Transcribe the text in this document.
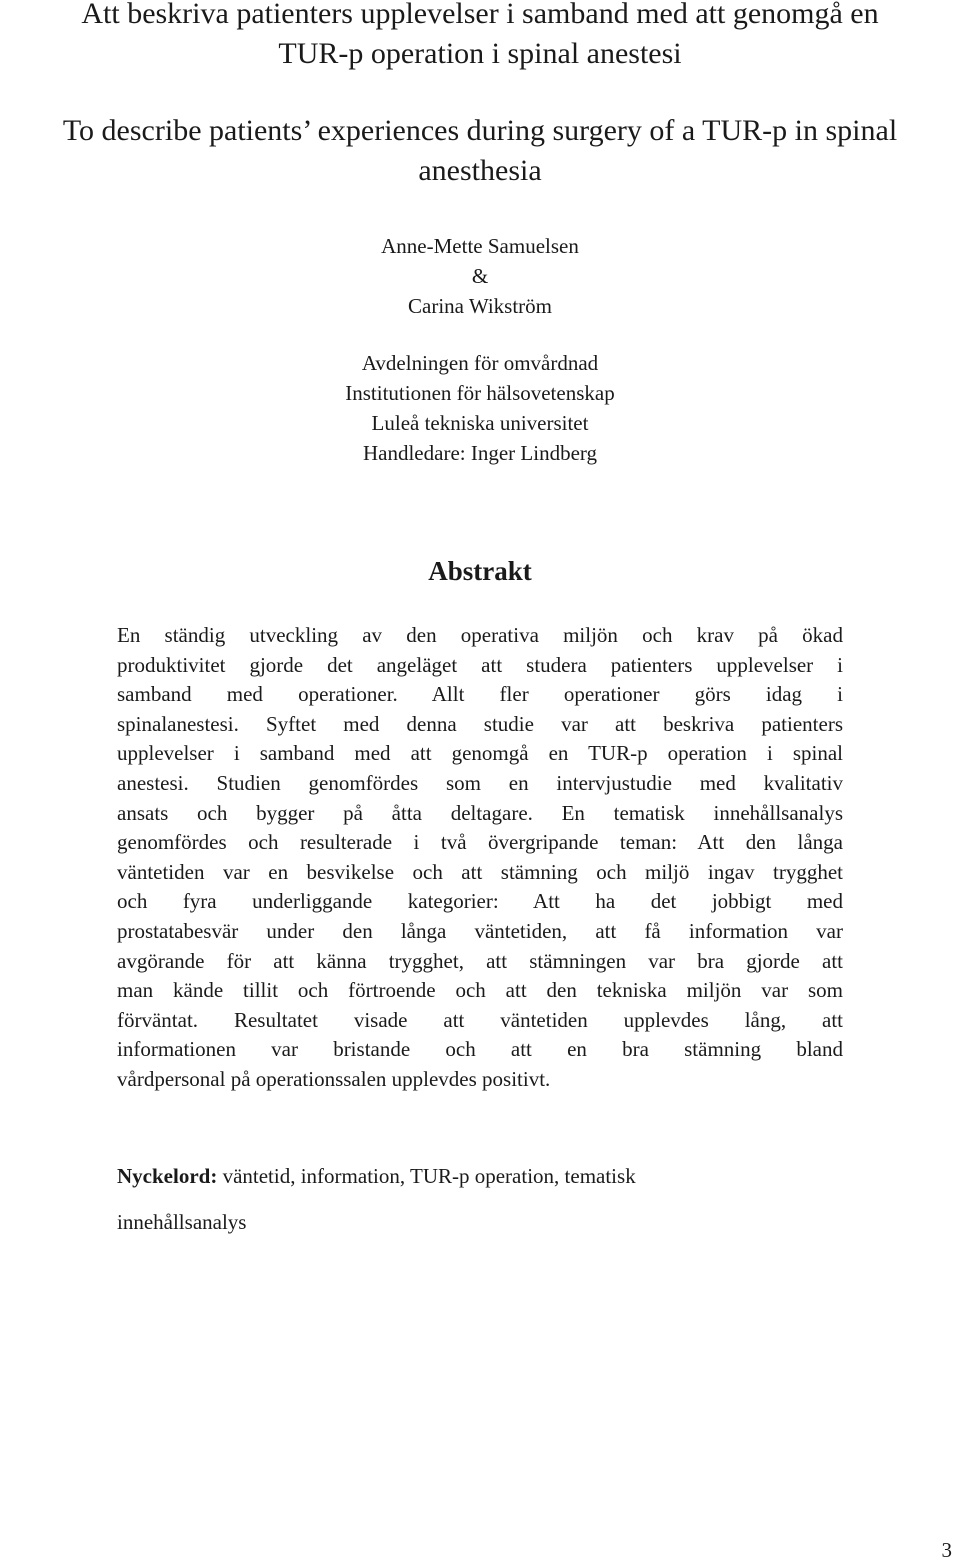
Att beskriva patienters upplevelser i samband med att genomgå en
TUR-p operation i spinal anestesi
To describe patients’ experiences during surgery of a TUR-p in spinal
anesthesia
Anne-Mette Samuelsen
&
Carina Wikström
Avdelningen för omvårdnad
Institutionen för hälsovetenskap
Luleå tekniska universitet
Handledare: Inger Lindberg
Abstrakt
En ständig utveckling av den operativa miljön och krav på ökad
produktivitet gjorde det angeläget att studera patienters upplevelser i
samband med operationer. Allt fler operationer görs idag i
spinalanestesi. Syftet med denna studie var att beskriva patienters
upplevelser i samband med att genomgå en TUR-p operation i spinal
anestesi. Studien genomfördes som en intervjustudie med kvalitativ
ansats och bygger på åtta deltagare. En tematisk innehållsanalys
genomfördes och resulterade i två övergripande teman: Att den långa
väntetiden var en besvikelse och att stämning och miljö ingav trygghet
och fyra underliggande kategorier: Att ha det jobbigt med
prostatabesvär under den långa väntetiden, att få information var
avgörande för att känna trygghet, att stämningen var bra gjorde att
man kände tillit och förtroende och att den tekniska miljön var som
förväntat. Resultatet visade att väntetiden upplevdes lång, att
informationen var bristande och att en bra stämning bland
vårdpersonal på operationssalen upplevdes positivt.
Nyckelord: väntetid, information, TUR-p operation, tematisk
innehållsanalys
3
